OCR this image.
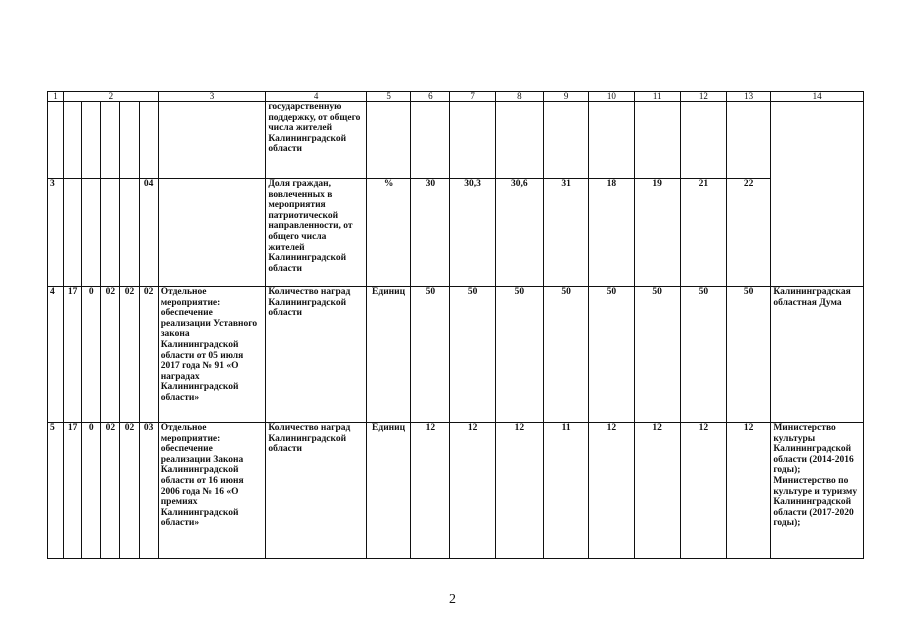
1	2					3	4	5	6	7	8	9	10	11	12	13	14
							государственную поддержку, от общего числа жителей Калининградской области										
3					04		Доля граждан, вовлеченных в мероприятия патриотической направленности, от общего числа жителей Калининградской области	%	30	30,3	30,6	31	18	19	21	22	
4	17	0	02	02	02	Отдельное мероприятие: обеспечение реализации Уставного закона Калининградской области от 05 июля 2017 года № 91 «О наградах Калининградской области»	Количество наград Калининградской области	Единиц	50	50	50	50	50	50	50	50	Калининградская областная Дума
5	17	0	02	02	03	Отдельное мероприятие: обеспечение реализации Закона Калининградской области от 16 июня 2006 года № 16 «О премиях Калининградской области»	Количество наград Калининградской области	Единиц	12	12	12	11	12	12	12	12	Министерство культуры Калининградской области (2014-2016 годы); Министерство по культуре и туризму Калининградской области (2017-2020 годы);
2
